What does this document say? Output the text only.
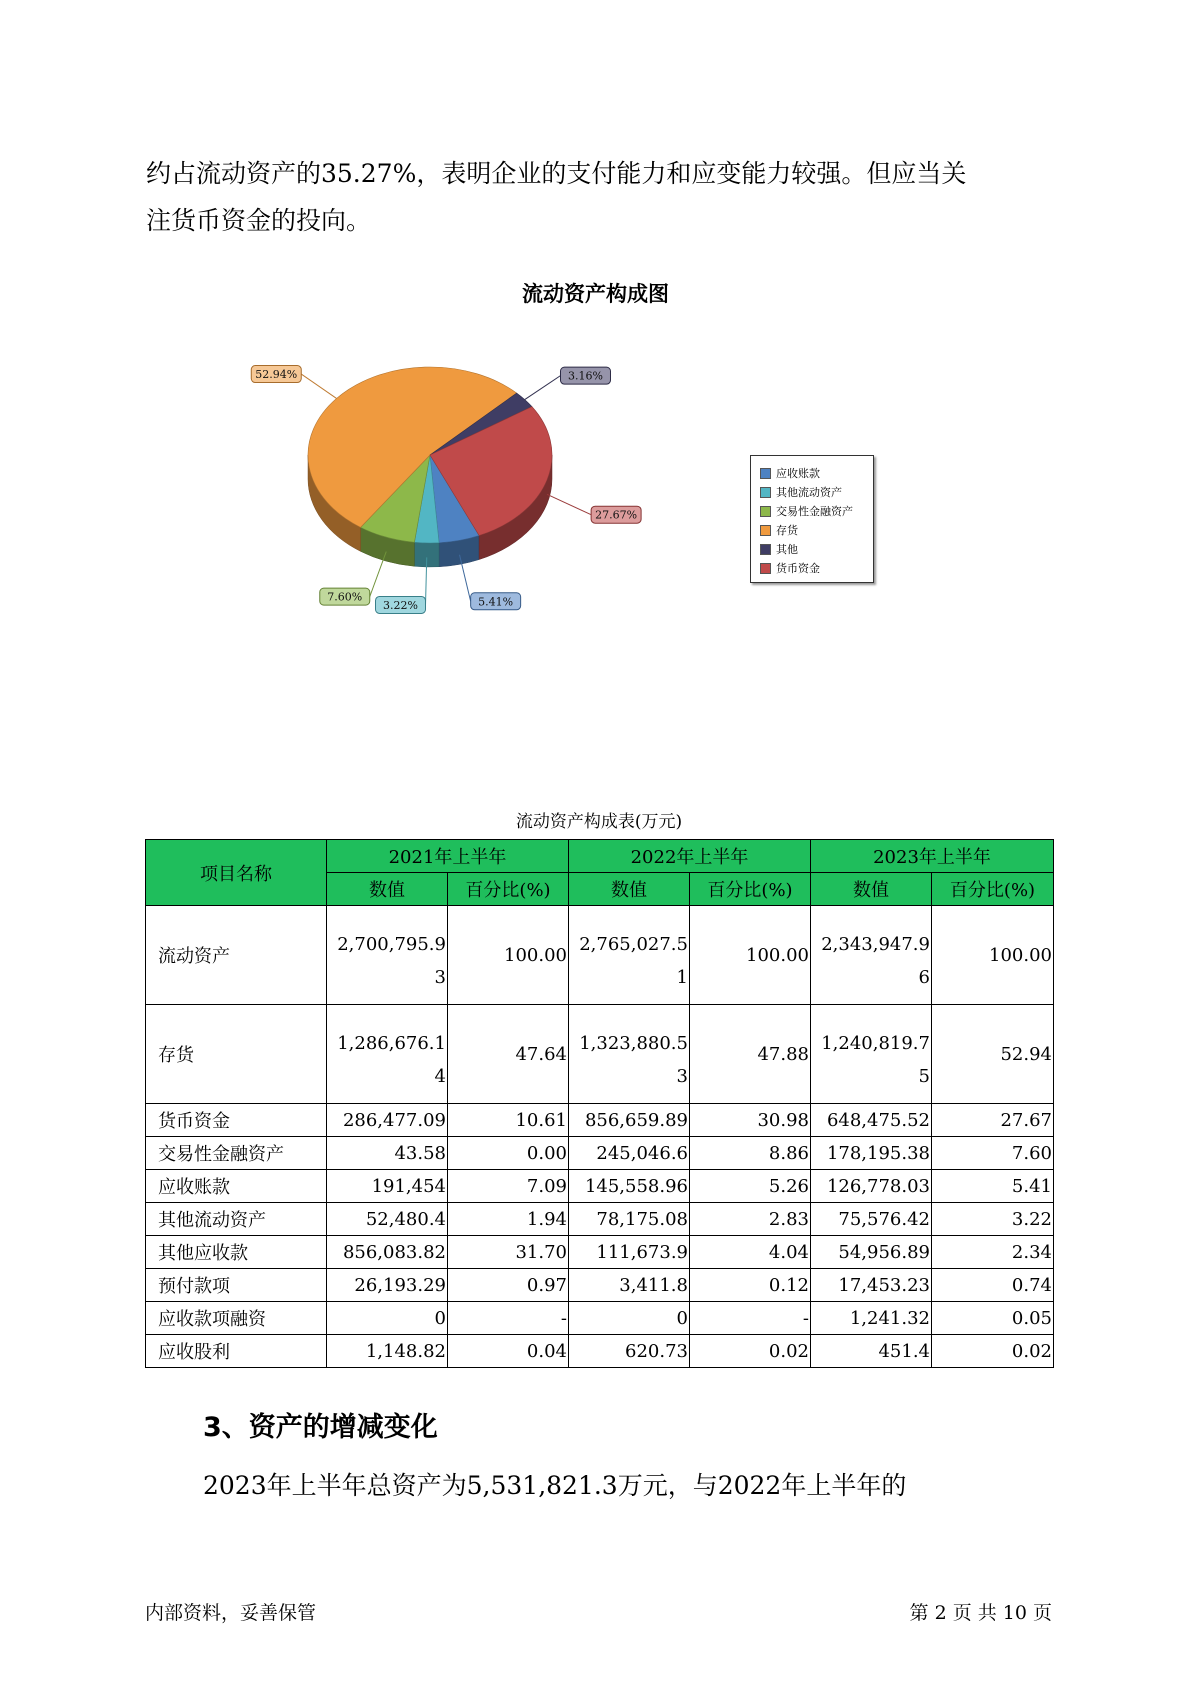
约占流动资产的35.27%，表明企业的支付能力和应变能力较强。但应当关
注货币资金的投向。
流动资产构成图
5.41%
3.22%
7.60%
52.94%	3.16%
27.67%
应收账款
其他流动资产
交易性金融资产
存货
其他
货币资金
流动资产构成表(万元)
项目名称	2021年上半年		2022年上半年		2023年上半年	
	数值	百分比(%)	数值	百分比(%)	数值	百分比(%)
流动资产	2,700,795.93	100.00	2,765,027.51	100.00	2,343,947.96	100.00
存货	1,286,676.14	47.64	1,323,880.53	47.88	1,240,819.75	52.94
货币资金	286,477.09	10.61	856,659.89	30.98	648,475.52	27.67
交易性金融资产	43.58	0.00	245,046.6	8.86	178,195.38	7.60
应收账款	191,454	7.09	145,558.96	5.26	126,778.03	5.41
其他流动资产	52,480.4	1.94	78,175.08	2.83	75,576.42	3.22
其他应收款	856,083.82	31.70	111,673.9	4.04	54,956.89	2.34
预付款项	26,193.29	0.97	3,411.8	0.12	17,453.23	0.74
应收款项融资	0	-	0	-	1,241.32	0.05
应收股利	1,148.82	0.04	620.73	0.02	451.4	0.02
3、资产的增减变化
2023年上半年总资产为5,531,821.3万元，与2022年上半年的
内部资料，妥善保管	第 2 页 共 10 页
